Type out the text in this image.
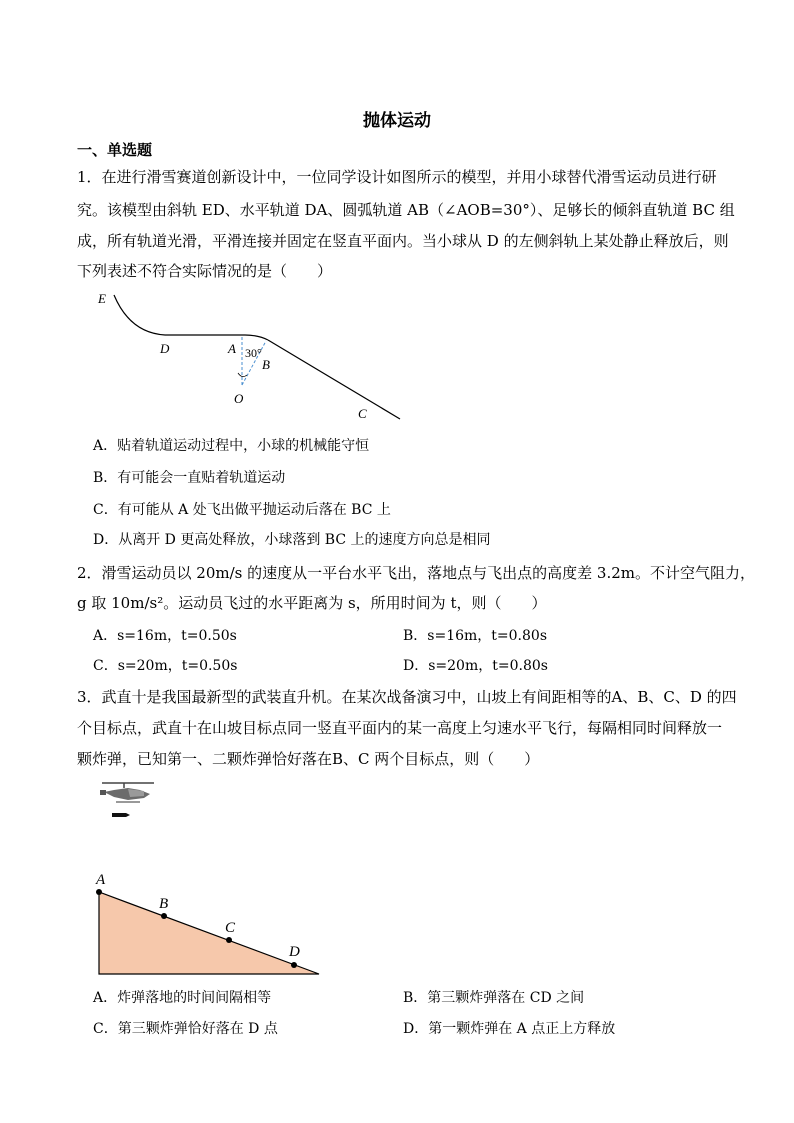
抛体运动
一、单选题
1．在进行滑雪赛道创新设计中，一位同学设计如图所示的模型，并用小球替代滑雪运动员进行研
究。该模型由斜轨 ED、水平轨道 DA、圆弧轨道 AB（∠AOB=30°）、足够长的倾斜直轨道 BC 组
成，所有轨道光滑，平滑连接并固定在竖直平面内。当小球从 D 的左侧斜轨上某处静止释放后，则
下列表述不符合实际情况的是（　　）
E
D	A 30°
B
O
C
A．贴着轨道运动过程中，小球的机械能守恒
B．有可能会一直贴着轨道运动
C．有可能从 A 处飞出做平抛运动后落在 BC 上
D．从离开 D 更高处释放，小球落到 BC 上的速度方向总是相同
2．滑雪运动员以 20m/s 的速度从一平台水平飞出，落地点与飞出点的高度差 3.2m。不计空气阻力，
g 取 10m/s²。运动员飞过的水平距离为 s，所用时间为 t，则（　　）
A．s=16m，t=0.50s	B．s=16m，t=0.80s
C．s=20m，t=0.50s	D．s=20m，t=0.80s
3．武直十是我国最新型的武装直升机。在某次战备演习中，山坡上有间距相等的A、B、C、D 的四
个目标点，武直十在山坡目标点同一竖直平面内的某一高度上匀速水平飞行，每隔相同时间释放一
颗炸弹，已知第一、二颗炸弹恰好落在B、C 两个目标点，则（　　）
A
B
C
D
A．炸弹落地的时间间隔相等	B．第三颗炸弹落在 CD 之间
C．第三颗炸弹恰好落在 D 点	D．第一颗炸弹在 A 点正上方释放
